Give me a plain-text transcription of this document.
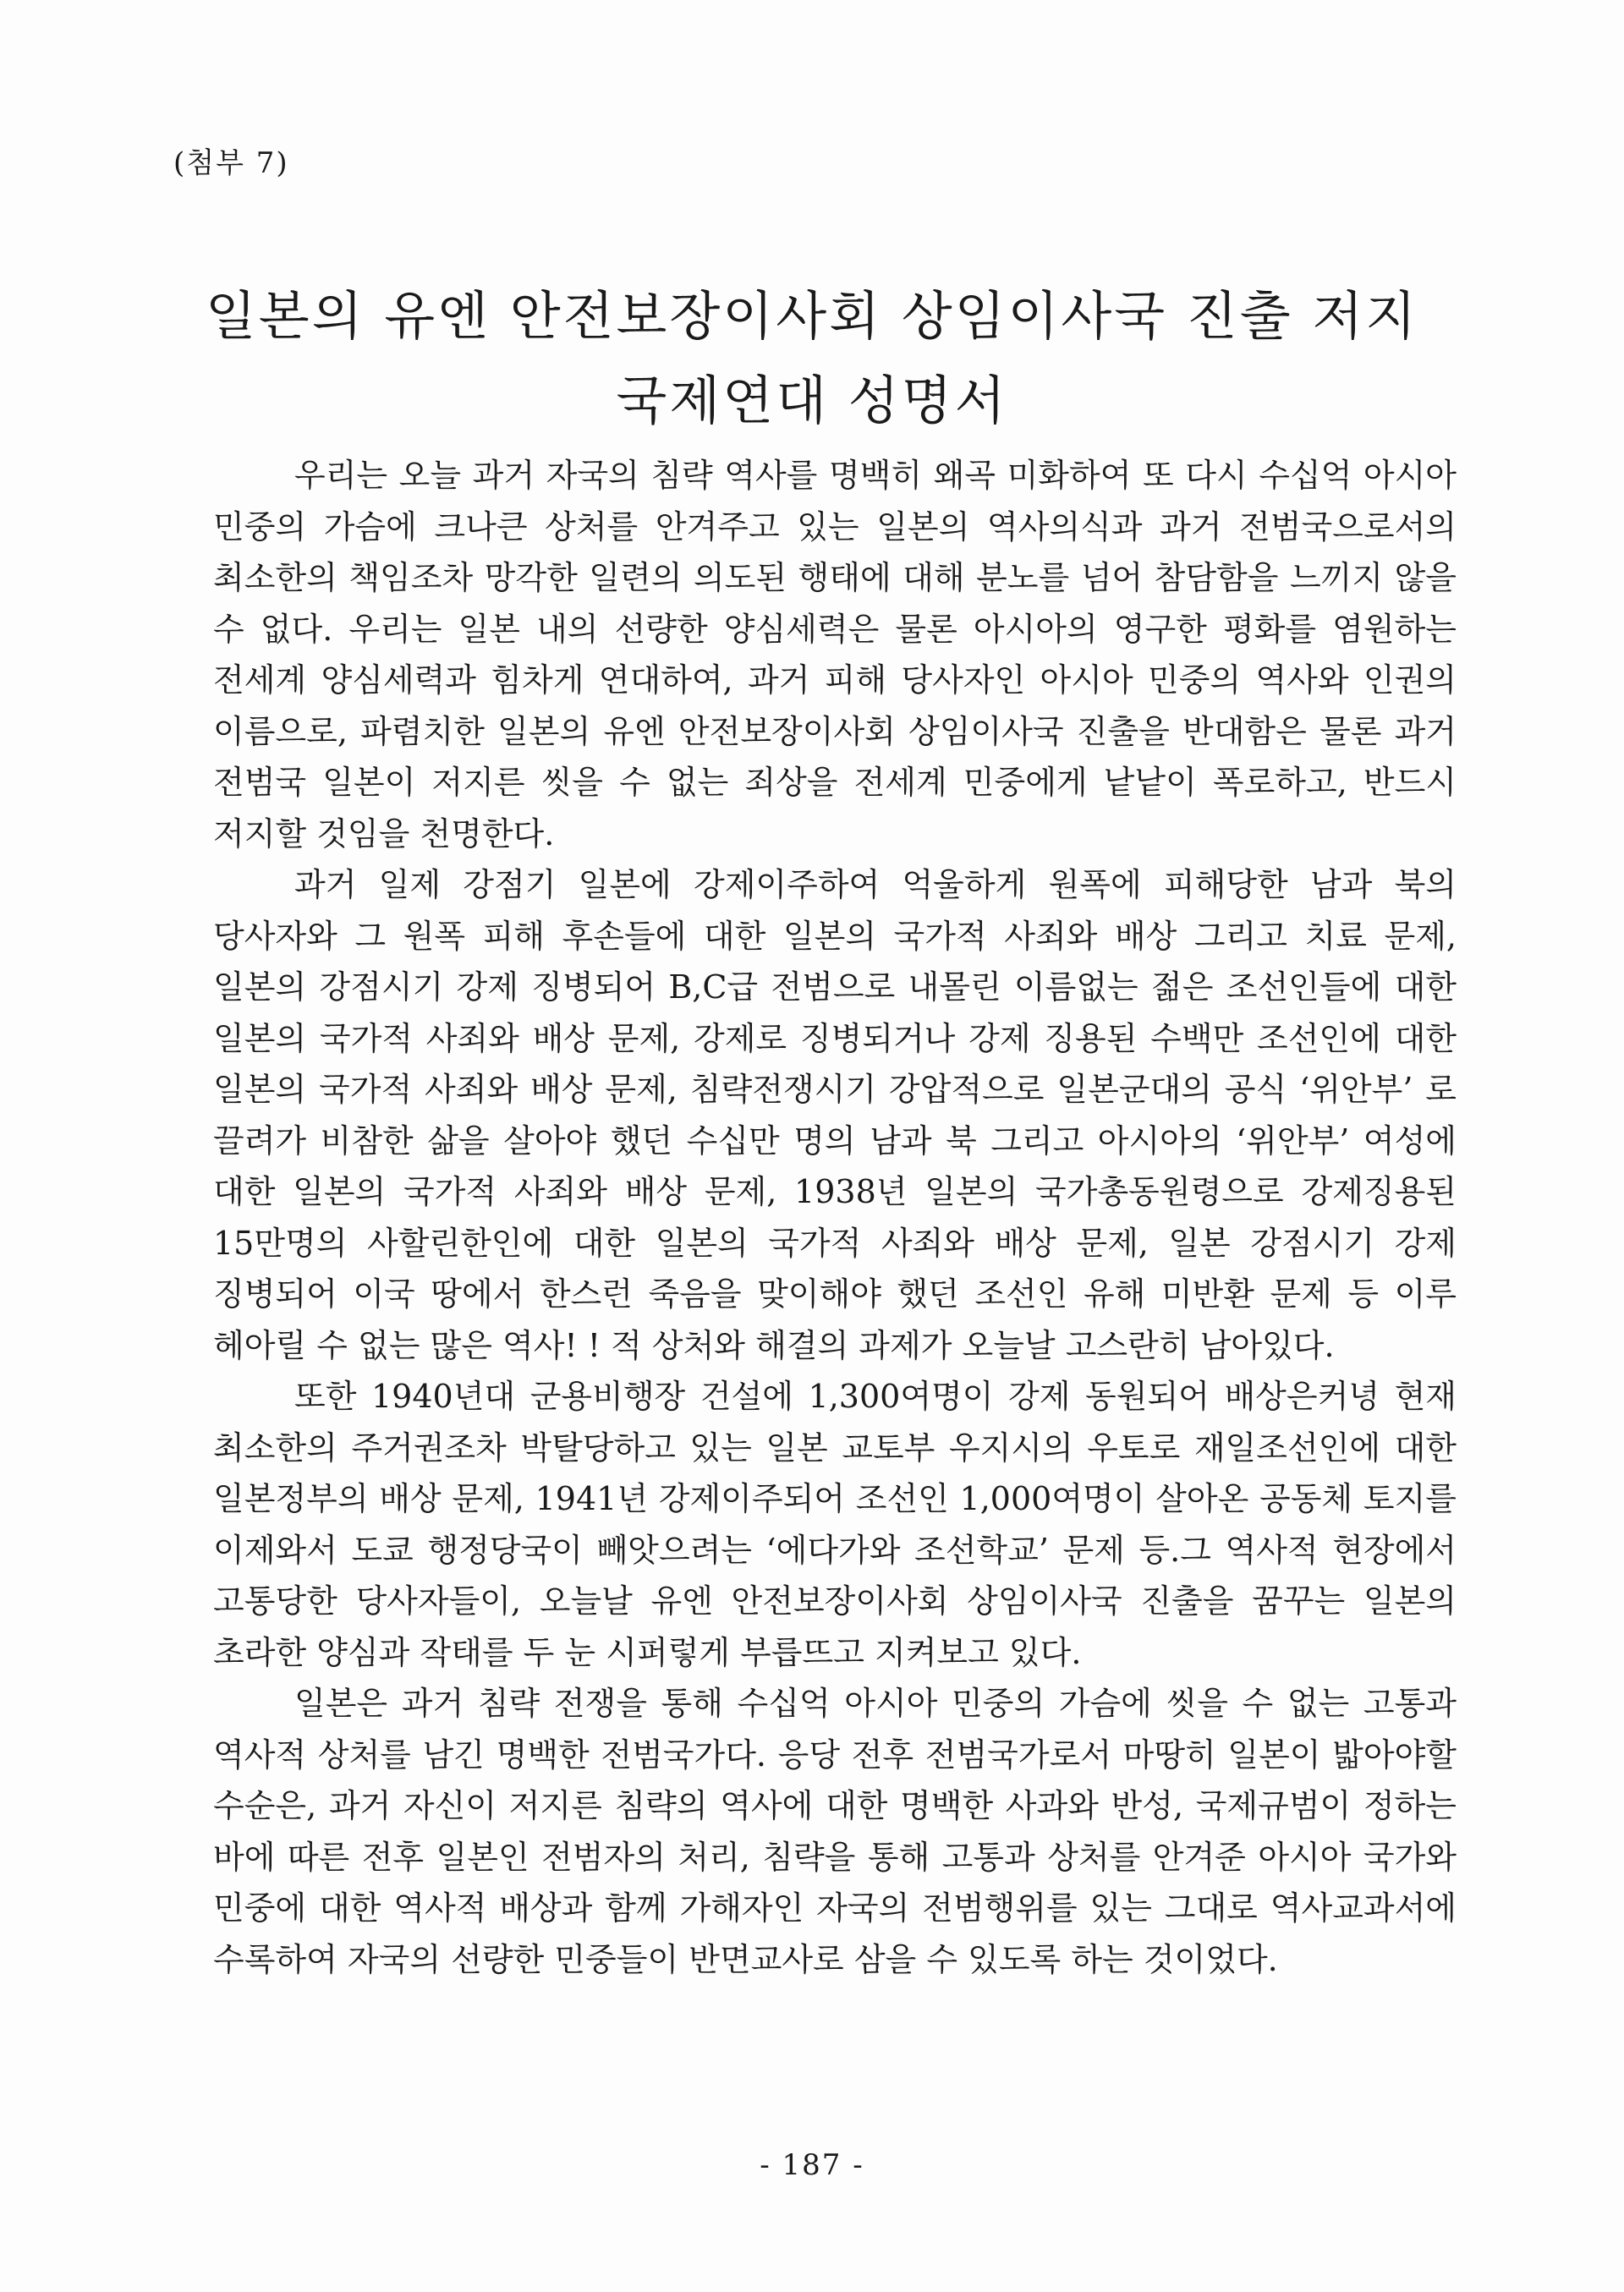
(첨부 7)
일본의 유엔 안전보장이사회 상임이사국 진출 저지
국제연대 성명서

우리는 오늘 과거 자국의 침략 역사를 명백히 왜곡 미화하여 또 다시 수십억 아시아 민중의 가슴에 크나큰 상처를 안겨주고 있는 일본의 역사의식과 과거 전범국으로서의 최소한의 책임조차 망각한 일련의 의도된 행태에 대해 분노를 넘어 참담함을 느끼지 않을 수 없다. 우리는 일본 내의 선량한 양심세력은 물론 아시아의 영구한 평화를 염원하는 전세계 양심세력과 힘차게 연대하여, 과거 피해 당사자인 아시아 민중의 역사와 인권의 이름으로, 파렴치한 일본의 유엔 안전보장이사회 상임이사국 진출을 반대함은 물론 과거 전범국 일본이 저지른 씻을 수 없는 죄상을 전세계 민중에게 낱낱이 폭로하고, 반드시 저지할 것임을 천명한다.

과거 일제 강점기 일본에 강제이주하여 억울하게 원폭에 피해당한 남과 북의 당사자와 그 원폭 피해 후손들에 대한 일본의 국가적 사죄와 배상 그리고 치료 문제, 일본의 강점시기 강제 징병되어 B,C급 전범으로 내몰린 이름없는 젊은 조선인들에 대한 일본의 국가적 사죄와 배상 문제, 강제로 징병되거나 강제 징용된 수백만 조선인에 대한 일본의 국가적 사죄와 배상 문제, 침략전쟁시기 강압적으로 일본군대의 공식 ‘위안부’ 로 끌려가 비참한 삶을 살아야 했던 수십만 명의 남과 북 그리고 아시아의 ‘위안부’ 여성에 대한 일본의 국가적 사죄와 배상 문제, 1938년 일본의 국가총동원령으로 강제징용된 15만명의 사할린한인에 대한 일본의 국가적 사죄와 배상 문제, 일본 강점시기 강제 징병되어 이국 땅에서 한스런 죽음을 맞이해야 했던 조선인 유해 미반환 문제 등 이루 헤아릴 수 없는 많은 역사! ! 적 상처와 해결의 과제가 오늘날 고스란히 남아있다.

또한 1940년대 군용비행장 건설에 1,300여명이 강제 동원되어 배상은커녕 현재 최소한의 주거권조차 박탈당하고 있는 일본 교토부 우지시의 우토로 재일조선인에 대한 일본정부의 배상 문제, 1941년 강제이주되어 조선인 1,000여명이 살아온 공동체 토지를 이제와서 도쿄 행정당국이 빼앗으려는 ‘에다가와 조선학교’ 문제 등.그 역사적 현장에서 고통당한 당사자들이, 오늘날 유엔 안전보장이사회 상임이사국 진출을 꿈꾸는 일본의 초라한 양심과 작태를 두 눈 시퍼렇게 부릅뜨고 지켜보고 있다.

일본은 과거 침략 전쟁을 통해 수십억 아시아 민중의 가슴에 씻을 수 없는 고통과 역사적 상처를 남긴 명백한 전범국가다. 응당 전후 전범국가로서 마땅히 일본이 밟아야할 수순은, 과거 자신이 저지른 침략의 역사에 대한 명백한 사과와 반성, 국제규범이 정하는 바에 따른 전후 일본인 전범자의 처리, 침략을 통해 고통과 상처를 안겨준 아시아 국가와 민중에 대한 역사적 배상과 함께 가해자인 자국의 전범행위를 있는 그대로 역사교과서에 수록하여 자국의 선량한 민중들이 반면교사로 삼을 수 있도록 하는 것이었다.

- 187 -
